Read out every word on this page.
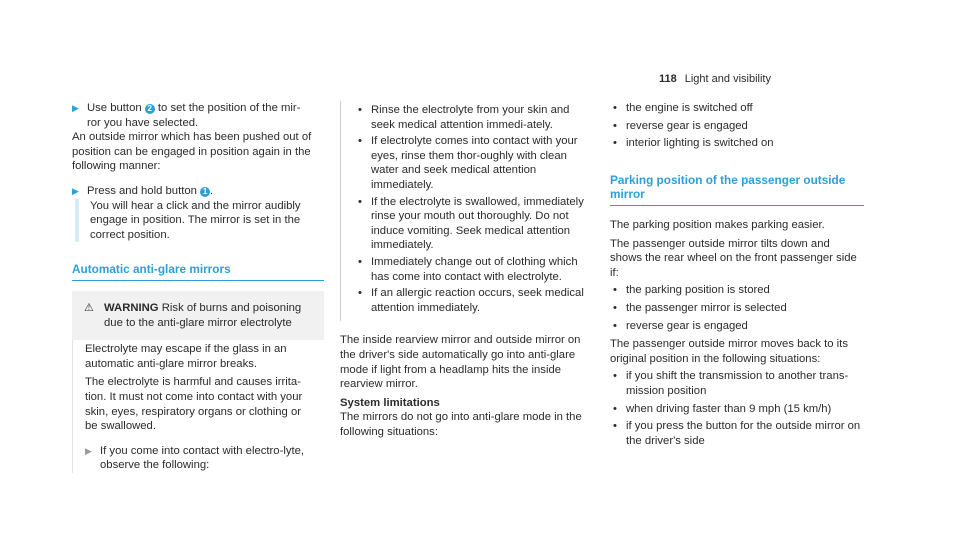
118 Light and visibility
▶ Use button 2 to set the position of the mir-
ror you have selected.

An outside mirror which has been pushed out of position can be engaged in position again in the following manner:

▶ Press and hold button 1 .

You will hear a click and the mirror audibly engage in position. The mirror is set in the correct position.

Automatic anti-glare mirrors
⚠ WARNING Risk of burns and poisoning due to the anti-glare mirror electrolyte

Electrolyte may escape if the glass in an automatic anti-glare mirror breaks.

The electrolyte is harmful and causes irrita-tion. It must not come into contact with your skin, eyes, respiratory organs or clothing or be swallowed.

▶ If you come into contact with electro-lyte, observe the following:

• Rinse the electrolyte from your skin and seek medical attention immedi-ately.
• If electrolyte comes into contact with your eyes, rinse them thor-oughly with clean water and seek medical attention immediately.
• If the electrolyte is swallowed, immediately rinse your mouth out thoroughly. Do not induce vomiting. Seek medical attention immediately.
• Immediately change out of clothing which has come into contact with electrolyte.
• If an allergic reaction occurs, seek medical attention immediately.

The inside rearview mirror and outside mirror on the driver's side automatically go into anti-glare mode if light from a headlamp hits the inside rearview mirror.

System limitations

The mirrors do not go into anti-glare mode in the following situations:

• the engine is switched off
• reverse gear is engaged
• interior lighting is switched on
Parking position of the passenger outside mirror

The parking position makes parking easier.

The passenger outside mirror tilts down and shows the rear wheel on the front passenger side if:

• the parking position is stored
• the passenger mirror is selected
• reverse gear is engaged

The passenger outside mirror moves back to its original position in the following situations:

• if you shift the transmission to another trans-mission position
• when driving faster than 9 mph (15 km/h)
• if you press the button for the outside mirror on the driver's side
